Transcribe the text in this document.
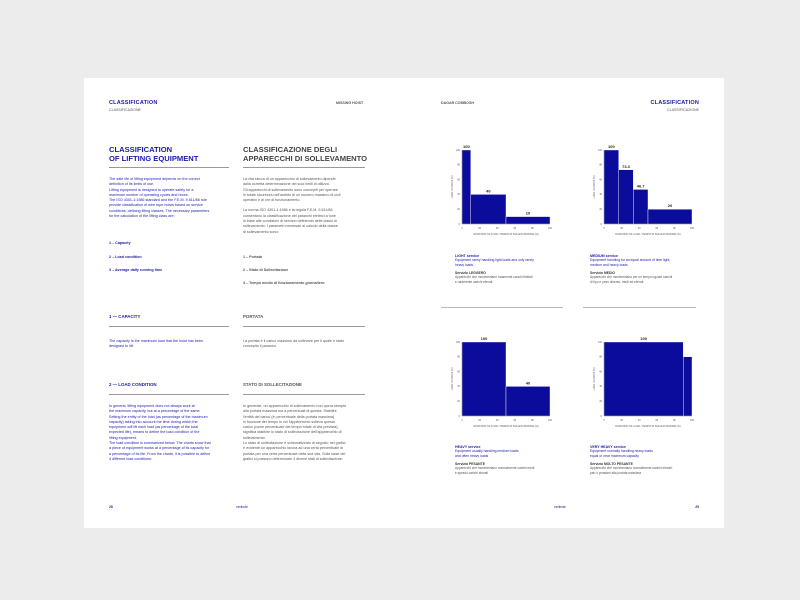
CLASSIFICATION
CLASSIFICAZIONE
MISSING HOIST
CLASSIFICATION
OF LIFTING EQUIPMENT
The safe life of lifting equipment depends on the correct
definition of its limits of use.
Lifting equipment is designed to operate safely for a
maximum number of operating cycles and hours.
The ISO 4301-1:1986 standard and the F.E.M. 9.511/86 rule
provide classification of wire rope hoists based on service
conditions, defining lifting classes. The necessary parameters
for the calculation of the lifting class are:
1 – Capacity
2 – Load condition
3 – Average daily running time
1 — CAPACITY
The capacity is the maximum load that the hoist has been
designed to lift.
2 — LOAD CONDITION
In general, lifting equipment does not always work at
the maximum capacity, but at a percentage of the same.
Setting the entity of the load (as percentage of the maximum
capacity) taking into account the time during which the
equipment will lift each load (as percentage of the total
expected life), means to define the load condition of the
lifting equipment.
The load condition is summarized below. The charts show that
a piece of equipment works at a percentage of its capacity for
a percentage of its life. From the charts, it is possible to define
4 different load conditions:
CLASSIFICAZIONE DEGLI
APPARECCHI DI SOLLEVAMENTO
La vita sicura di un apparecchio di sollevamento dipende
dalla corretta determinazione dei suoi limiti di utilizzo.
Gli apparecchi di sollevamento sono concepiti per operare
in totale sicurezza nell'ambito di un numero massimo di cicli
operativi e di ore di funzionamento.
La norma ISO 4301-1:1986 e la regola F.E.M. 9.511/86
consentono la classificazione dei paranchi elettrici a fune
in base alle condizioni di servizio definendo delle classi di
sollevamento. I parametri necessari al calcolo della classe
di sollevamento sono:
1 – Portata
2 – Stato di Sollecitazione
3 – Tempo medio di funzionamento giornaliero
PORTATA
La portata è il carico massimo da sollevare per il quale è stato
concepito il paranco.
STATO DI SOLLECITAZIONE
In generale, un apparecchio di sollevamento non opera sempre
alla portata massima ma a percentuali di questa. Stabilire
l'entità del carico (in percentuale della portata massima)
in funzione del tempo in cui l'apparecchio solleva questo
carico (come percentuale del tempo totale di vita prevista),
significa stabilire lo stato di sollecitazione dell'apparecchio di
sollevamento.
Lo stato di sollecitazione è schematizzato di seguito: nei grafici
è evidente un apparecchio lavora ad una certa percentuale di
portata per una certa percentuale della sua vita. Sulla base dei
grafici si possono determinare 4 diversi stati di sollecitazione:
28	verlinde
DAGAR COMBOSH	CLASSIFICATION
CLASSIFICAZIONE
100
40
10
0	20	40	60	80	100
0
20
40
60
80
100
DURATION OF LOAD / TEMPO DI SOLLECITAZIONE (%)
LOAD / CARICO (%)
LIGHT service
Equipment rarely handling light loads and only rarely
heavy loads
Servizio LEGGERO
Apparecchi che movimentano raramente carichi limitati
e raramente carichi elevati
100
73.3
46.7
20
0	20	40	60	80	100
0
20
40
60
80
100
DURATION OF LOAD / TEMPO DI SOLLECITAZIONE (%)
LOAD / CARICO (%)
MEDIUM service
Equipment handling for an equal amount of time light,
medium and heavy loads
Servizio MEDIO
Apparecchi che movimentano per un tempo uguale carichi
di tipo e peso diverso, medi ed elevati
100
40
0	20	40	60	80	100
0
20
40
60
80
100
DURATION OF LOAD / TEMPO DI SOLLECITAZIONE (%)
LOAD / CARICO (%)
HEAVY service
Equipment usually handling medium loads
and often heavy loads
Servizio PESANTE
Apparecchi che movimentano normalmente carichi medi
e spesso carichi elevati
100
0	20	40	60	80	100
0
20
40
60
80
100
DURATION OF LOAD / TEMPO DI SOLLECITAZIONE (%)
LOAD / CARICO (%)
VERY HEAVY service
Equipment normally handling heavy loads
equal or near maximum capacity
Servizio MOLTO PESANTE
Apparecchi che movimentano normalmente carichi elevati,
pari o prossimi alla portata massima
verlinde	29
